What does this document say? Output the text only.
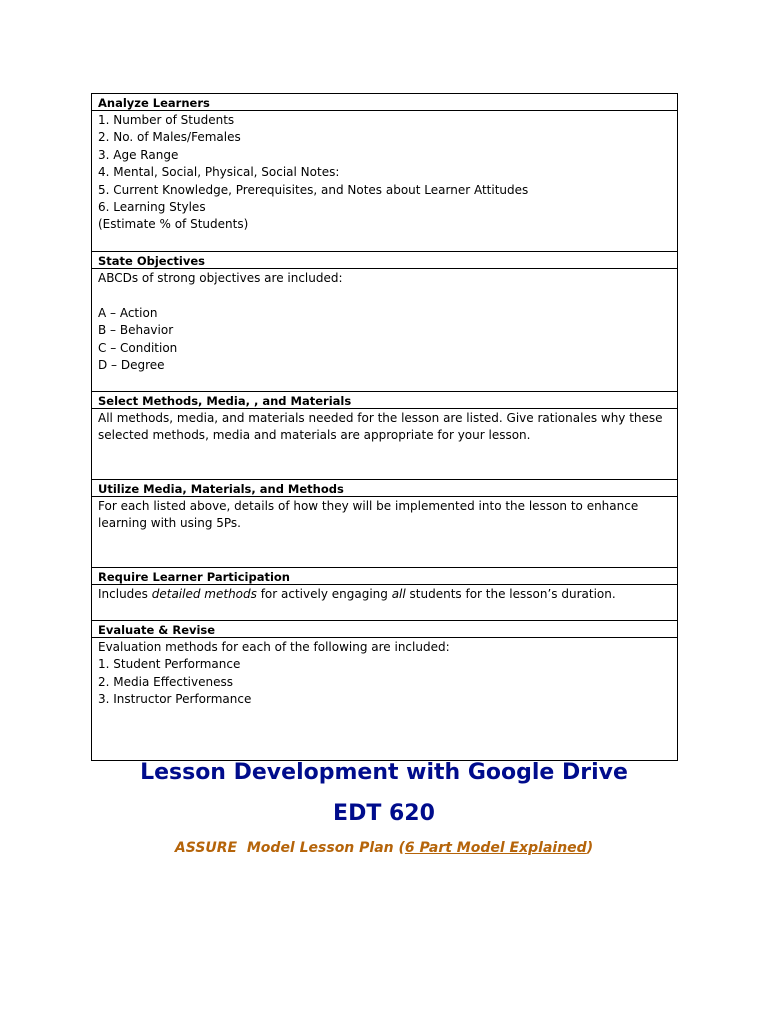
Analyze Learners
1. Number of Students
2. No. of Males/Females
3. Age Range
4. Mental, Social, Physical, Social Notes:
5. Current Knowledge, Prerequisites, and Notes about Learner Attitudes
6. Learning Styles
(Estimate % of Students)
State Objectives
ABCDs of strong objectives are included:
A – Action
B – Behavior
C – Condition
D – Degree
Select Methods, Media, , and Materials
All methods, media, and materials needed for the lesson are listed. Give rationales why these selected methods, media and materials are appropriate for your lesson.
Utilize Media, Materials, and Methods
For each listed above, details of how they will be implemented into the lesson to enhance learning with using 5Ps.
Require Learner Participation
Includes detailed methods for actively engaging all students for the lesson’s duration.
Evaluate & Revise
Evaluation methods for each of the following are included:
1. Student Performance
2. Media Effectiveness
3. Instructor Performance
Lesson Development with Google Drive
EDT 620
ASSURE  Model Lesson Plan (6 Part Model Explained)
